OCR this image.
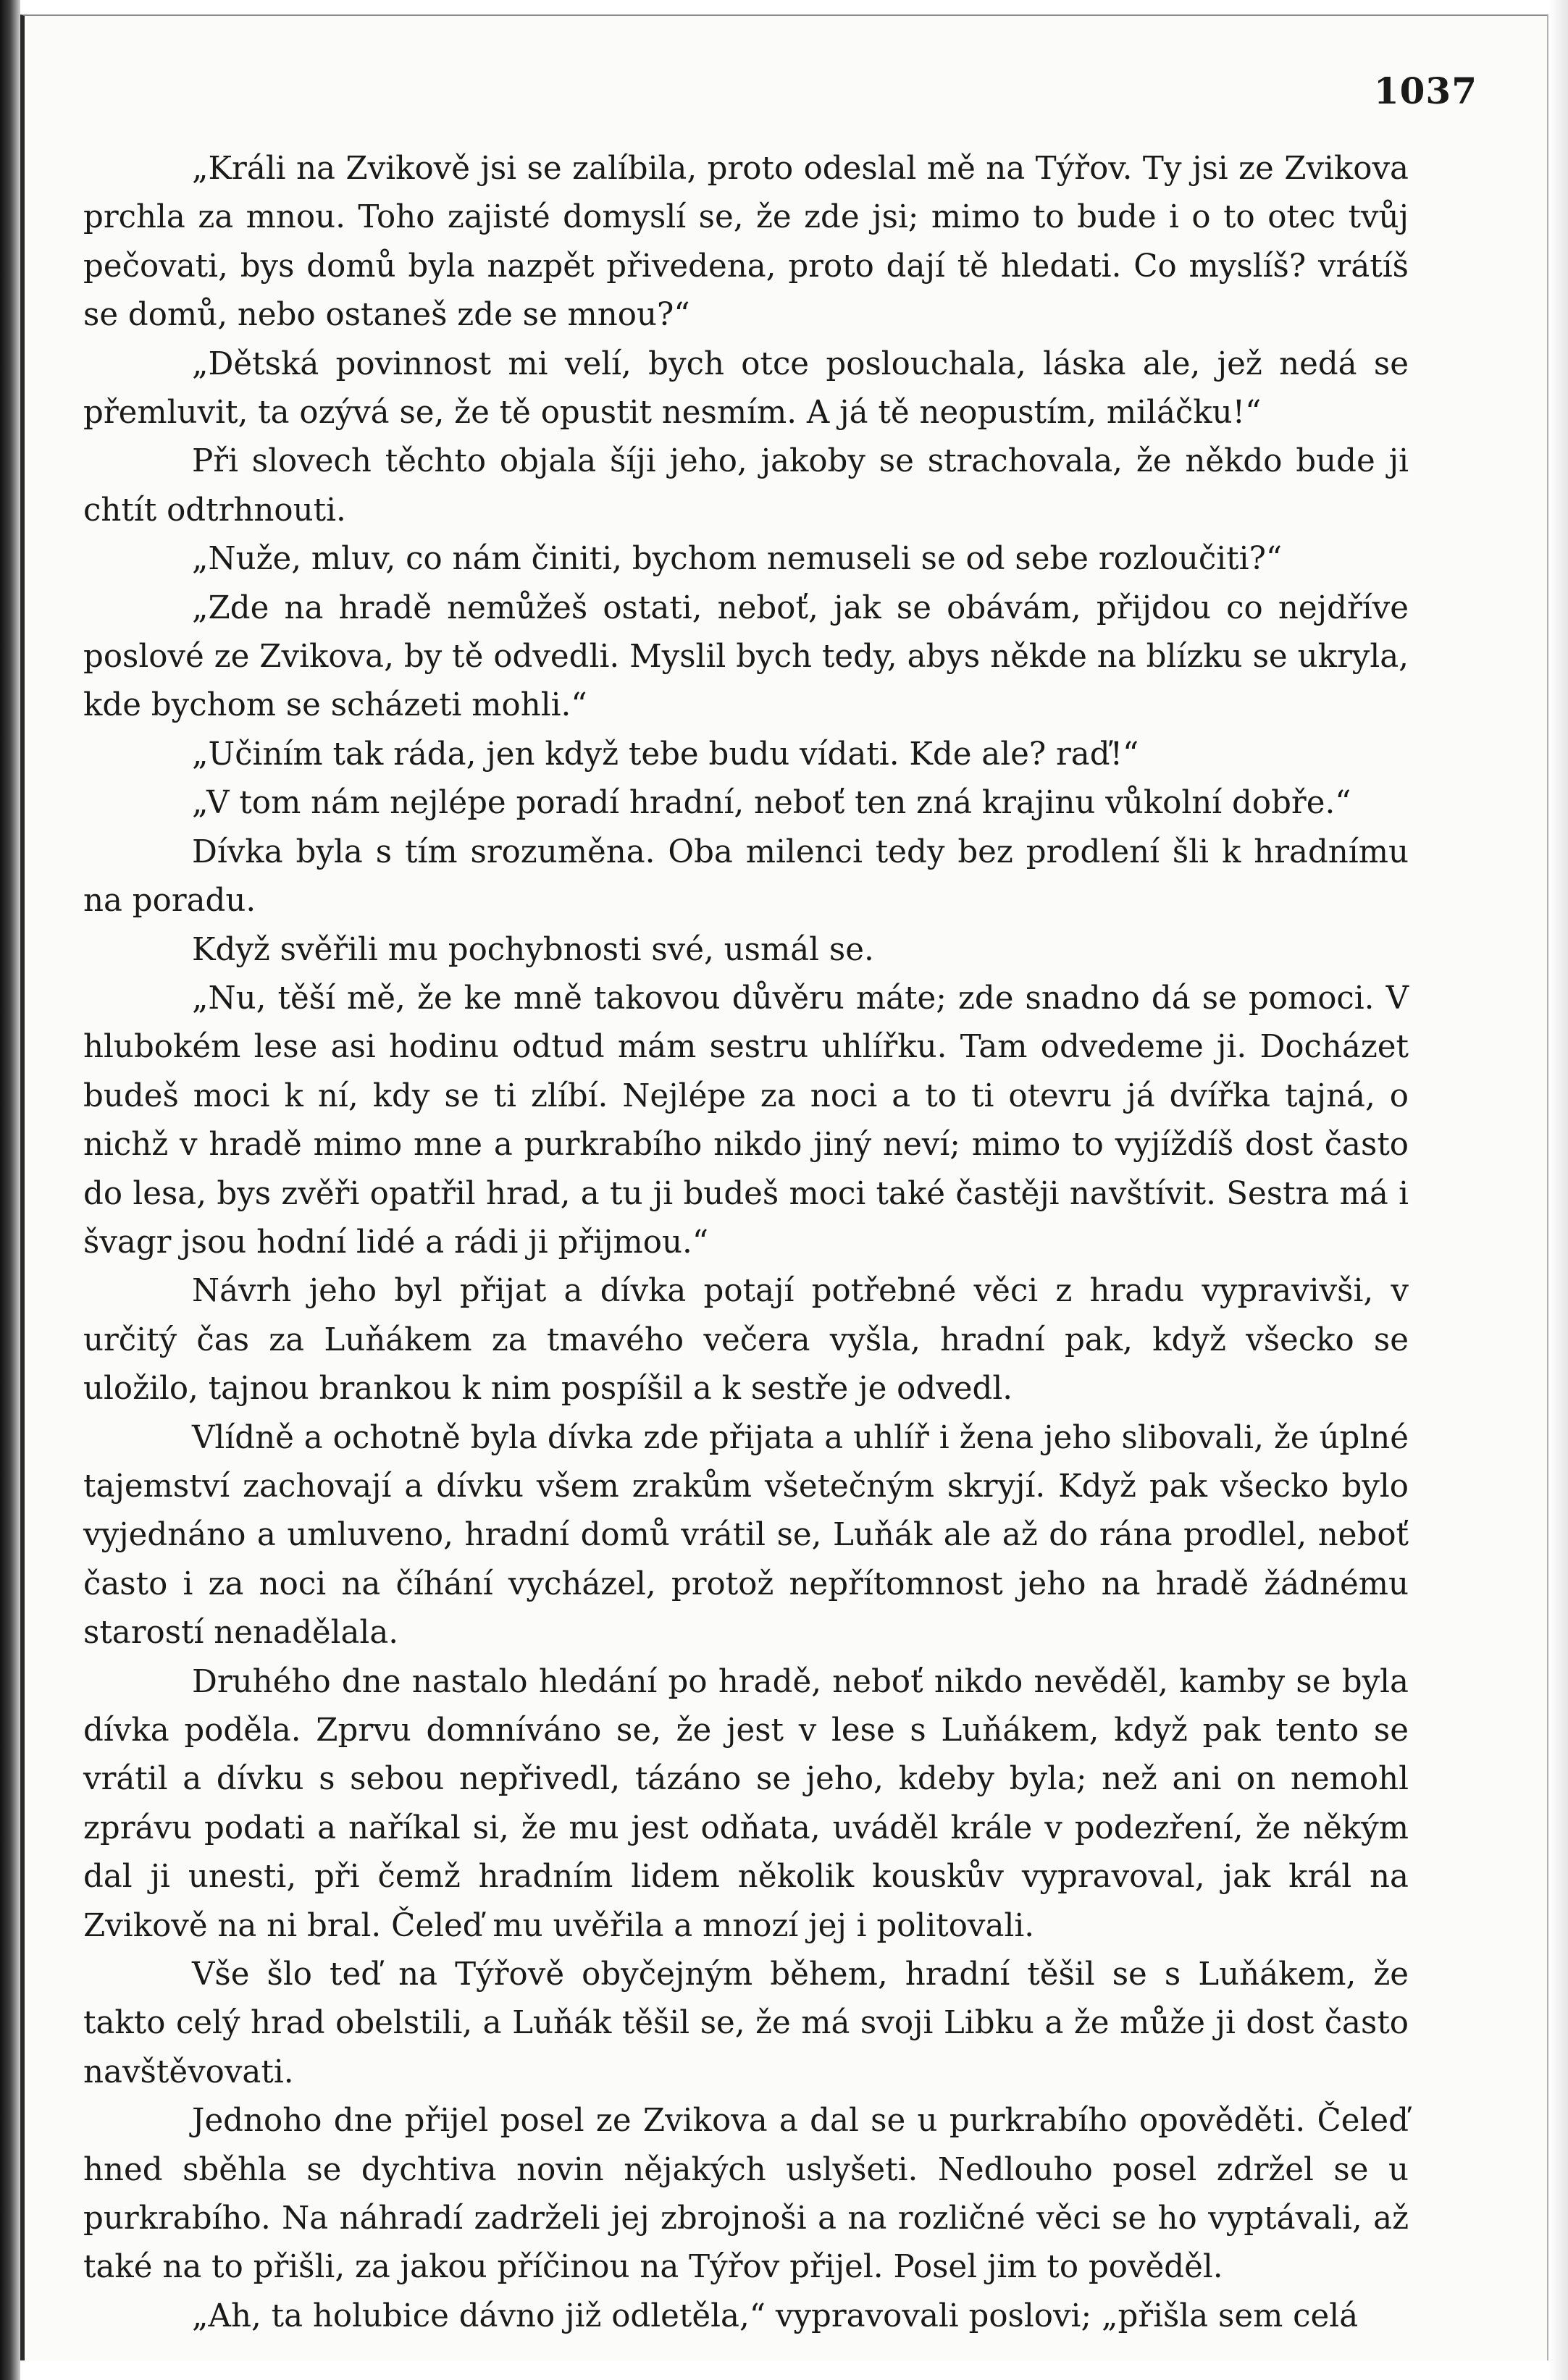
1037

„Králi na Zvikově jsi se zalíbila, proto odeslal mě na Týřov. Ty jsi ze Zvikova prchla za mnou. Toho zajisté domyslí se, že zde jsi; mimo to bude i o to otec tvůj pečovati, bys domů byla nazpět přivedena, proto dají tě hledati. Co myslíš? vrátíš se domů, nebo ostaneš zde se mnou?“

„Dětská povinnost mi velí, bych otce poslouchala, láska ale, jež nedá se přemluvit, ta ozývá se, že tě opustit nesmím. A já tě neopustím, miláčku!“

Při slovech těchto objala šíji jeho, jakoby se strachovala, že někdo bude ji chtít odtrhnouti.

„Nuže, mluv, co nám činiti, bychom nemuseli se od sebe rozloučiti?“

„Zde na hradě nemůžeš ostati, neboť, jak se obávám, přijdou co nejdříve poslové ze Zvikova, by tě odvedli. Myslil bych tedy, abys někde na blízku se ukryla, kde bychom se scházeti mohli.“

„Učiním tak ráda, jen když tebe budu vídati. Kde ale? raď!“

„V tom nám nejlépe poradí hradní, neboť ten zná krajinu vůkolní dobře.“

Dívka byla s tím srozuměna. Oba milenci tedy bez prodlení šli k hradnímu na poradu.

Když svěřili mu pochybnosti své, usmál se.

„Nu, těší mě, že ke mně takovou důvěru máte; zde snadno dá se pomoci. V hlubokém lese asi hodinu odtud mám sestru uhlířku. Tam odvedeme ji. Docházet budeš moci k ní, kdy se ti zlíbí. Nejlépe za noci a to ti otevru já dvířka tajná, o nichž v hradě mimo mne a purkrabího nikdo jiný neví; mimo to vyjíždíš dost často do lesa, bys zvěři opatřil hrad, a tu ji budeš moci také častěji navštívit. Sestra má i švagr jsou hodní lidé a rádi ji přijmou.“

Návrh jeho byl přijat a dívka potají potřebné věci z hradu vypravivši, v určitý čas za Luňákem za tmavého večera vyšla, hradní pak, když všecko se uložilo, tajnou brankou k nim pospíšil a k sestře je odvedl.

Vlídně a ochotně byla dívka zde přijata a uhlíř i žena jeho slibovali, že úplné tajemství zachovají a dívku všem zrakům všetečným skryjí. Když pak všecko bylo vyjednáno a umluveno, hradní domů vrátil se, Luňák ale až do rána prodlel, neboť často i za noci na číhání vycházel, protož nepřítomnost jeho na hradě žádnému starostí nenadělala.

Druhého dne nastalo hledání po hradě, neboť nikdo nevěděl, kamby se byla dívka poděla. Zprvu domníváno se, že jest v lese s Luňákem, když pak tento se vrátil a dívku s sebou nepřivedl, tázáno se jeho, kdeby byla; než ani on nemohl zprávu podati a naříkal si, že mu jest odňata, uváděl krále v podezření, že někým dal ji unesti, při čemž hradním lidem několik kouskův vypravoval, jak král na Zvikově na ni bral. Čeleď mu uvěřila a mnozí jej i politovali.

Vše šlo teď na Týřově obyčejným během, hradní těšil se s Luňákem, že takto celý hrad obelstili, a Luňák těšil se, že má svoji Libku a že může ji dost často navštěvovati.

Jednoho dne přijel posel ze Zvikova a dal se u purkrabího opověděti. Čeleď hned sběhla se dychtiva novin nějakých uslyšeti. Nedlouho posel zdržel se u purkrabího. Na náhradí zadrželi jej zbrojnoši a na rozličné věci se ho vyptávali, až také na to přišli, za jakou příčinou na Týřov přijel. Posel jim to pověděl.

„Ah, ta holubice dávno již odletěla,“ vypravovali poslovi; „přišla sem celá
